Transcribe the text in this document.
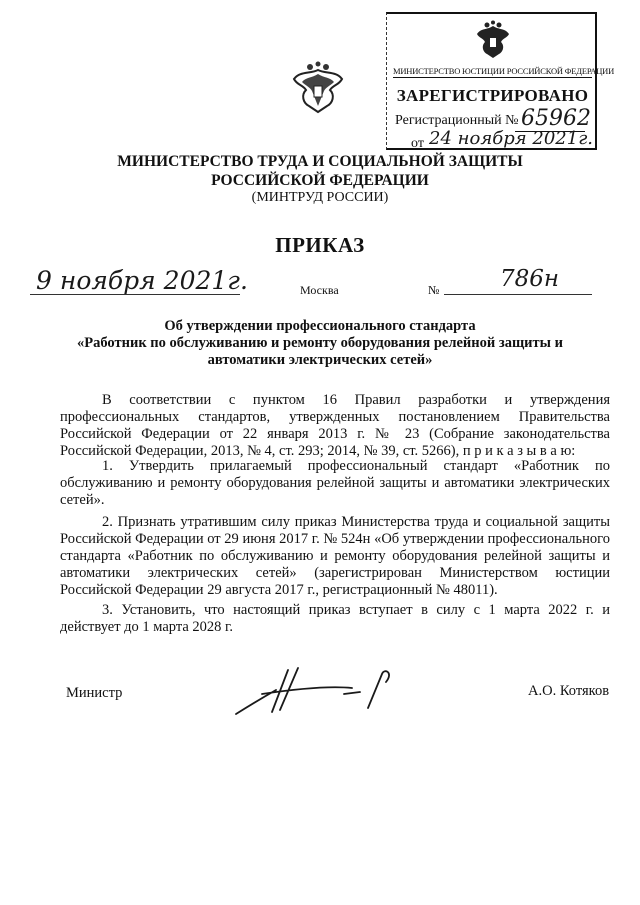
МИНИСТЕРСТВО ЮСТИЦИИ РОССИЙСКОЙ ФЕДЕРАЦИИ
ЗАРЕГИСТРИРОВАНО
Регистрационный № 65962
от 24 ноября 2021г.
МИНИСТЕРСТВО ТРУДА И СОЦИАЛЬНОЙ ЗАЩИТЫ
РОССИЙСКОЙ ФЕДЕРАЦИИ
(МИНТРУД РОССИИ)
ПРИКАЗ
9 ноября 2021г.	Москва	№	786н
Об утверждении профессионального стандарта
«Работник по обслуживанию и ремонту оборудования релейной защиты и
автоматики электрических сетей»
В соответствии с пунктом 16 Правил разработки и утверждения профессиональных стандартов, утвержденных постановлением Правительства Российской Федерации от 22 января 2013 г. № 23 (Собрание законодательства Российской Федерации, 2013, № 4, ст. 293; 2014, № 39, ст. 5266), п р и к а з ы в а ю:
1. Утвердить прилагаемый профессиональный стандарт «Работник по обслуживанию и ремонту оборудования релейной защиты и автоматики электрических сетей».
2. Признать утратившим силу приказ Министерства труда и социальной защиты Российской Федерации от 29 июня 2017 г. № 524н «Об утверждении профессионального стандарта «Работник по обслуживанию и ремонту оборудования релейной защиты и автоматики электрических сетей» (зарегистрирован Министерством юстиции Российской Федерации 29 августа 2017 г., регистрационный № 48011).
3. Установить, что настоящий приказ вступает в силу с 1 марта 2022 г. и действует до 1 марта 2028 г.
Министр	А.О. Котяков
